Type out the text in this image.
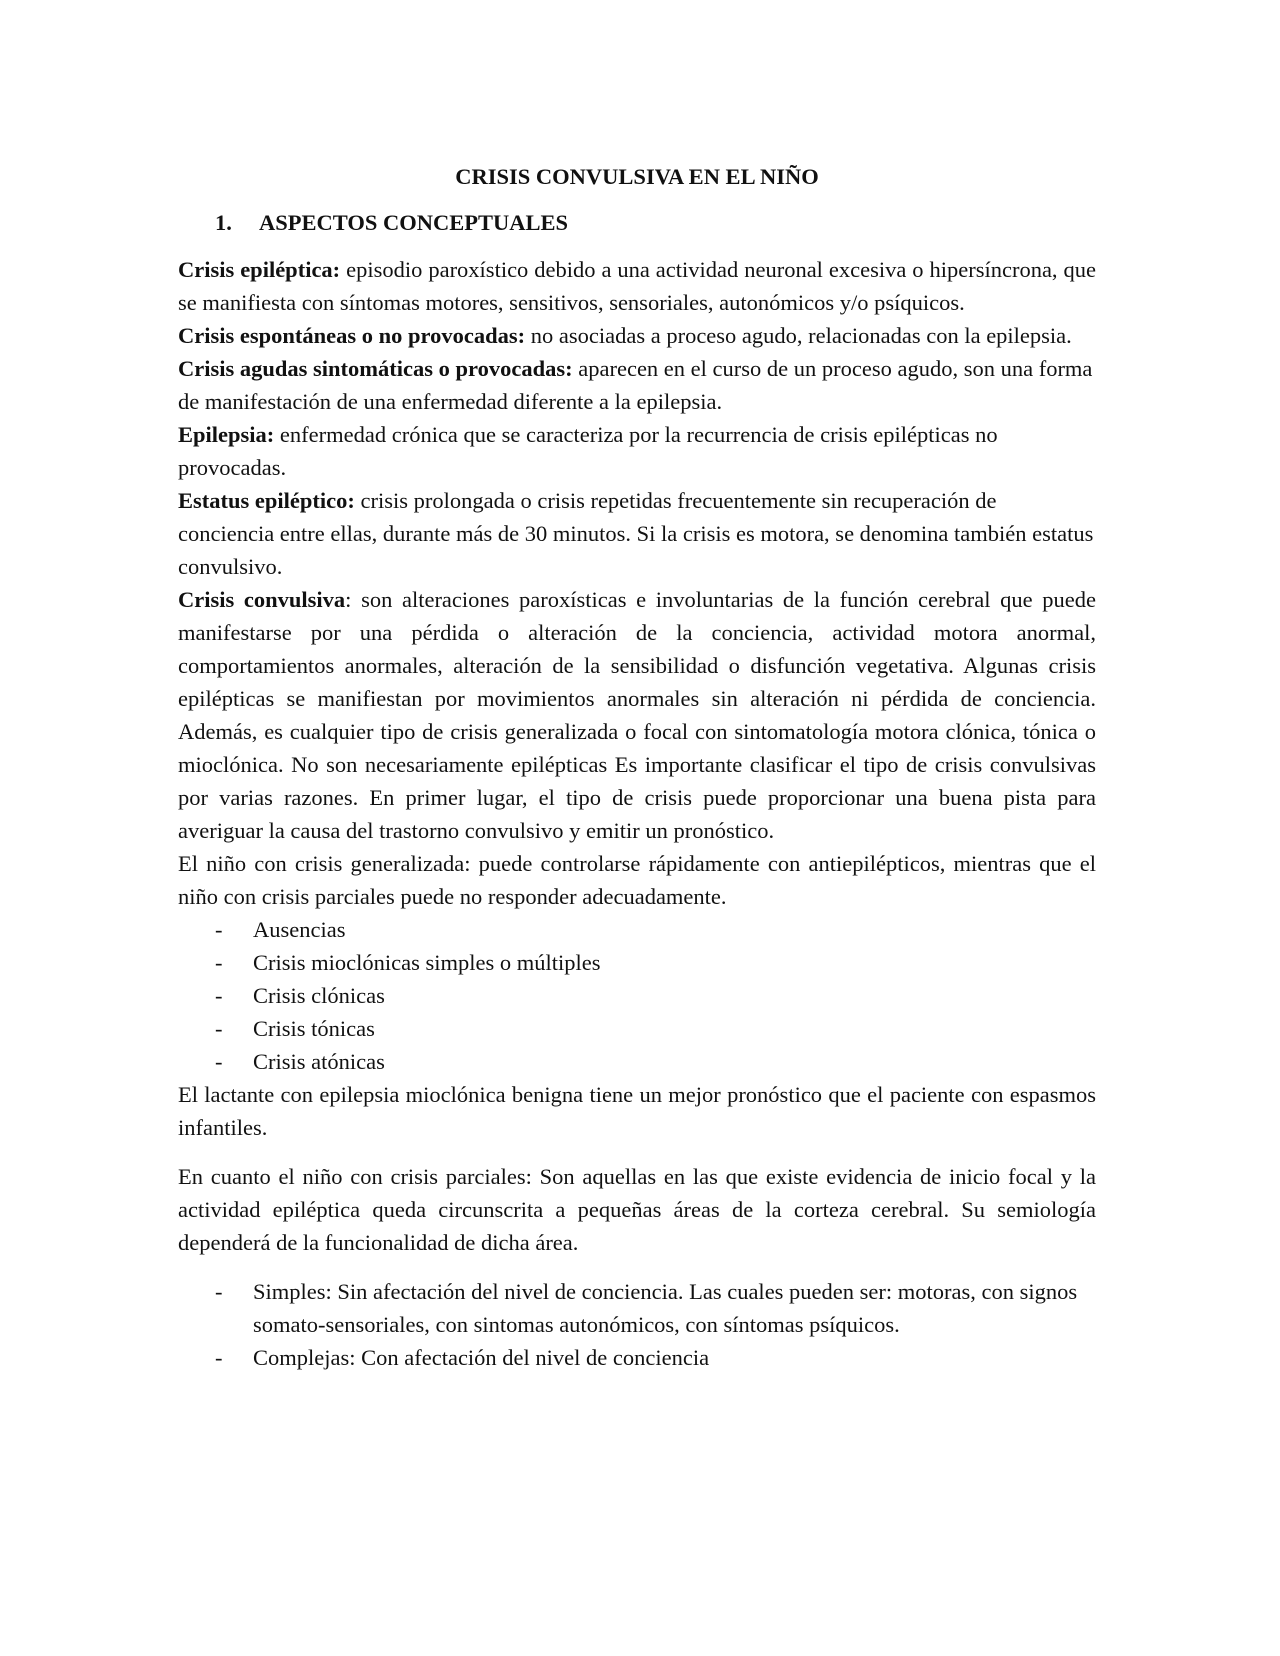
CRISIS CONVULSIVA EN EL NIÑO
1.	ASPECTOS CONCEPTUALES

Crisis epiléptica: episodio paroxístico debido a una actividad neuronal excesiva o hipersíncrona, que se manifiesta con síntomas motores, sensitivos, sensoriales, autonómicos y/o psíquicos.

Crisis espontáneas o no provocadas: no asociadas a proceso agudo, relacionadas con la epilepsia.

Crisis agudas sintomáticas o provocadas: aparecen en el curso de un proceso agudo, son una forma de manifestación de una enfermedad diferente a la epilepsia.

Epilepsia: enfermedad crónica que se caracteriza por la recurrencia de crisis epilépticas no provocadas.

Estatus epiléptico: crisis prolongada o crisis repetidas frecuentemente sin recuperación de conciencia entre ellas, durante más de 30 minutos. Si la crisis es motora, se denomina también estatus convulsivo.

Crisis convulsiva: son alteraciones paroxísticas e involuntarias de la función cerebral que puede manifestarse por una pérdida o alteración de la conciencia, actividad motora anormal, comportamientos anormales, alteración de la sensibilidad o disfunción vegetativa. Algunas crisis epilépticas se manifiestan por movimientos anormales sin alteración ni pérdida de conciencia. Además, es cualquier tipo de crisis generalizada o focal con sintomatología motora clónica, tónica o mioclónica. No son necesariamente epilépticas Es importante clasificar el tipo de crisis convulsivas por varias razones. En primer lugar, el tipo de crisis puede proporcionar una buena pista para averiguar la causa del trastorno convulsivo y emitir un pronóstico.

El niño con crisis generalizada: puede controlarse rápidamente con antiepilépticos, mientras que el niño con crisis parciales puede no responder adecuadamente.

-	Ausencias
-	Crisis mioclónicas simples o múltiples
-	Crisis clónicas
-	Crisis tónicas
-	Crisis atónicas

El lactante con epilepsia mioclónica benigna tiene un mejor pronóstico que el paciente con espasmos infantiles.

En cuanto el niño con crisis parciales: Son aquellas en las que existe evidencia de inicio focal y la actividad epiléptica queda circunscrita a pequeñas áreas de la corteza cerebral. Su semiología dependerá de la funcionalidad de dicha área.

-	Simples: Sin afectación del nivel de conciencia. Las cuales pueden ser: motoras, con signos somato-sensoriales, con sintomas autonómicos, con síntomas psíquicos.
-	Complejas: Con afectación del nivel de conciencia
